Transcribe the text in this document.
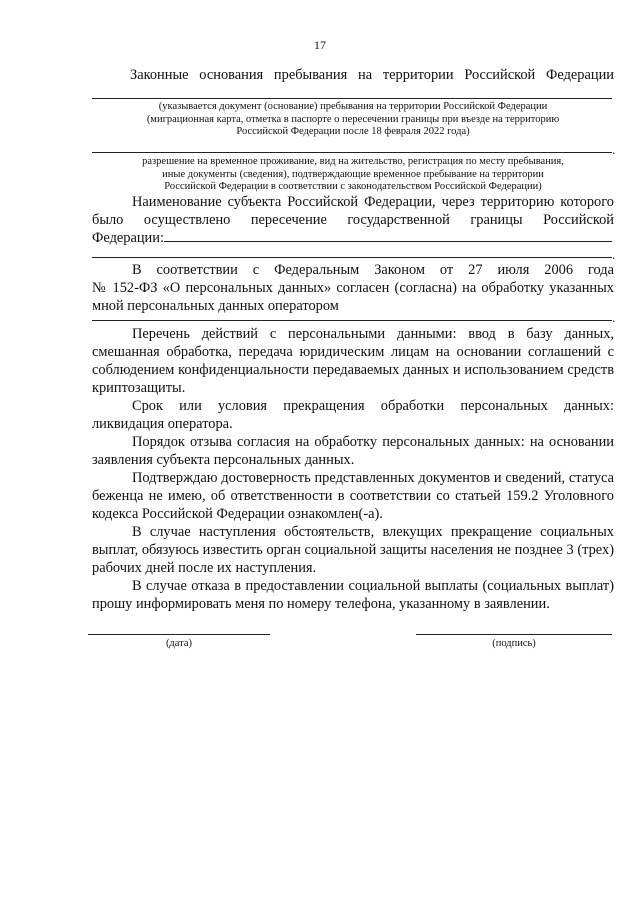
17
Законные основания пребывания на территории Российской Федерации
(указывается документ (основание) пребывания на территории Российской Федерации
(миграционная карта, отметка в паспорте о пересечении границы при въезде на территорию
Российской Федерации после 18 февраля 2022 года)
.
разрешение на временное проживание, вид на жительство, регистрация по месту пребывания,
иные документы (сведения), подтверждающие временное пребывание на территории
Российской Федерации в соответствии с законодательством Российской Федерации)
Наименование субъекта Российской Федерации, через территорию которого
было осуществлено пересечение государственной границы Российской
Федерации:
.
В соответствии с Федеральным Законом от 27 июля 2006 года
№ 152-ФЗ «О персональных данных» согласен (согласна) на обработку указанных
мной персональных данных оператором
.

Перечень действий с персональными данными: ввод в базу данных, смешанная обработка, передача юридическим лицам на основании соглашений с соблюдением конфиденциальности передаваемых данных и использованием средств криптозащиты.

Срок или условия прекращения обработки персональных данных: ликвидация оператора.

Порядок отзыва согласия на обработку персональных данных: на основании заявления субъекта персональных данных.

Подтверждаю достоверность представленных документов и сведений, статуса беженца не имею, об ответственности в соответствии со статьей 159.2 Уголовного кодекса Российской Федерации ознакомлен(-а).

В случае наступления обстоятельств, влекущих прекращение социальных выплат, обязуюсь известить орган социальной защиты населения не позднее 3 (трех) рабочих дней после их наступления.

В случае отказа в предоставлении социальной выплаты (социальных выплат) прошу информировать меня по номеру телефона, указанному в заявлении.

(дата)	(подпись)
